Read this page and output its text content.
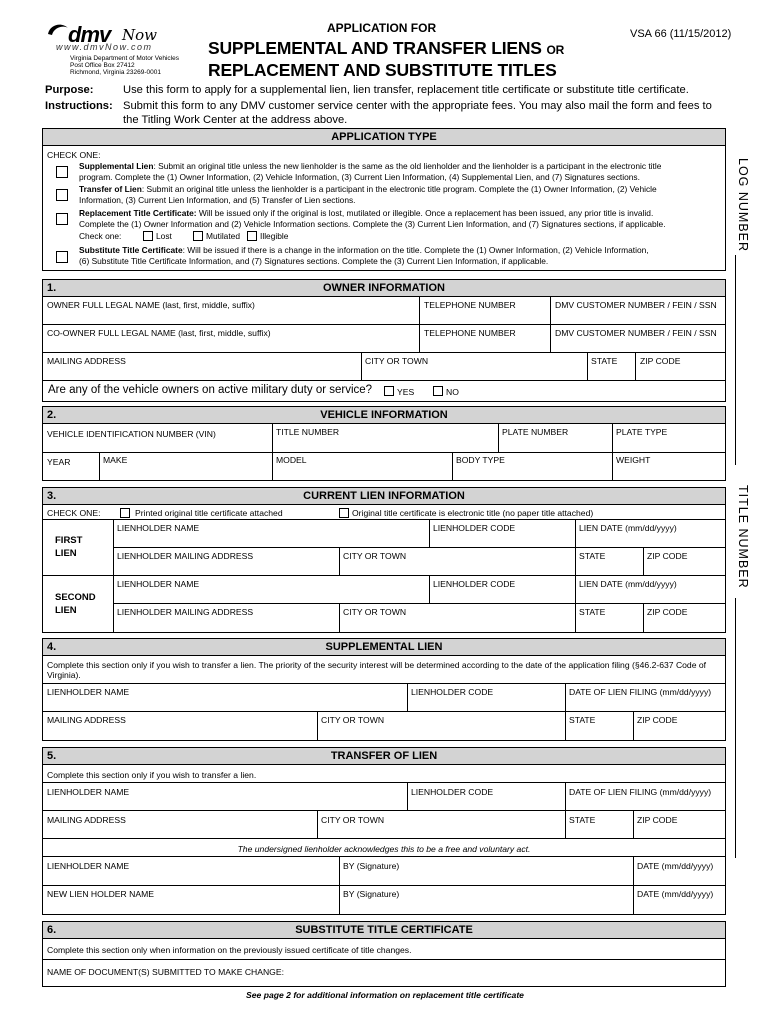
dmv Now
www.dmvNow.com
Virginia Department of Motor Vehicles
Post Office Box 27412
Richmond, Virginia 23269-0001
APPLICATION FOR	VSA 66 (11/15/2012)
SUPPLEMENTAL AND TRANSFER LIENS OR
REPLACEMENT AND SUBSTITUTE TITLES
Purpose:	Use this form to apply for a supplemental lien, lien transfer, replacement title certificate or substitute title certificate.
Instructions: Submit this form to any DMV customer service center with the appropriate fees. You may also mail the form and fees to
the Titling Work Center at the address above.
APPLICATION TYPE
CHECK ONE:
Supplemental Lien: Submit an original title unless the new lienholder is the same as the old lienholder and the lienholder is a participant in the electronic title
program. Complete the (1) Owner Information, (2) Vehicle Information, (3) Current Lien Information, (4) Supplemental Lien, and (7) Signatures sections.
Transfer of Lien: Submit an original title unless the lienholder is a participant in the electronic title program. Complete the (1) Owner Information, (2) Vehicle
Information, (3) Current Lien Information, and (5) Transfer of Lien sections.
Replacement Title Certificate: Will be issued only if the original is lost, mutilated or illegible. Once a replacement has been issued, any prior title is invalid.
Complete the (1) Owner Information and (2) Vehicle Information sections. Complete the (3) Current Lien Information, and (7) Signatures sections, if applicable.
Check one:	Lost	Mutilated Illegible
Substitute Title Certificate: Will be issued if there is a change in the information on the title. Complete the (1) Owner Information, (2) Vehicle Information,
(6) Substitute Title Certificate Information, and (7) Signatures sections. Complete the (3) Current Lien Information, if applicable.
1.	OWNER INFORMATION
OWNER FULL LEGAL NAME (last, first, middle, suffix)	TELEPHONE NUMBER	DMV CUSTOMER NUMBER / FEIN / SSN
CO-OWNER FULL LEGAL NAME (last, first, middle, suffix)	TELEPHONE NUMBER	DMV CUSTOMER NUMBER / FEIN / SSN
MAILING ADDRESS	CITY OR TOWN	STATE	ZIP CODE
Are any of the vehicle owners on active military duty or service?	YES	NO
2.	VEHICLE INFORMATION
VEHICLE IDENTIFICATION NUMBER (VIN)	TITLE NUMBER	PLATE NUMBER	PLATE TYPE
YEAR	MAKE	MODEL	BODY TYPE	WEIGHT
3.	CURRENT LIEN INFORMATION
CHECK ONE:	Printed original title certificate attached	Original title certificate is electronic title (no paper title attached)
FIRST
LIEN
LIENHOLDER NAME	LIENHOLDER CODE	LIEN DATE (mm/dd/yyyy)
LIENHOLDER MAILING ADDRESS	CITY OR TOWN	STATE	ZIP CODE
SECOND
LIEN
LIENHOLDER NAME	LIENHOLDER CODE	LIEN DATE (mm/dd/yyyy)
LIENHOLDER MAILING ADDRESS	CITY OR TOWN	STATE	ZIP CODE
4.	SUPPLEMENTAL LIEN
Complete this section only if you wish to transfer a lien. The priority of the security interest will be determined according to the date of the application filing (§46.2-637 Code of
Virginia).
LIENHOLDER NAME	LIENHOLDER CODE	DATE OF LIEN FILING (mm/dd/yyyy)
MAILING ADDRESS	CITY OR TOWN	STATE	ZIP CODE
5.	TRANSFER OF LIEN
Complete this section only if you wish to transfer a lien.
LIENHOLDER NAME	LIENHOLDER CODE	DATE OF LIEN FILING (mm/dd/yyyy)
MAILING ADDRESS	CITY OR TOWN	STATE	ZIP CODE
The undersigned lienholder acknowledges this to be a free and voluntary act.
LIENHOLDER NAME	BY (Signature)	DATE (mm/dd/yyyy)
NEW LIEN HOLDER NAME	BY (Signature)	DATE (mm/dd/yyyy)
6.	SUBSTITUTE TITLE CERTIFICATE
Complete this section only when information on the previously issued certificate of title changes.
NAME OF DOCUMENT(S) SUBMITTED TO MAKE CHANGE:
LOG NUMBER
TITLE NUMBER
See page 2 for additional information on replacement title certificate
